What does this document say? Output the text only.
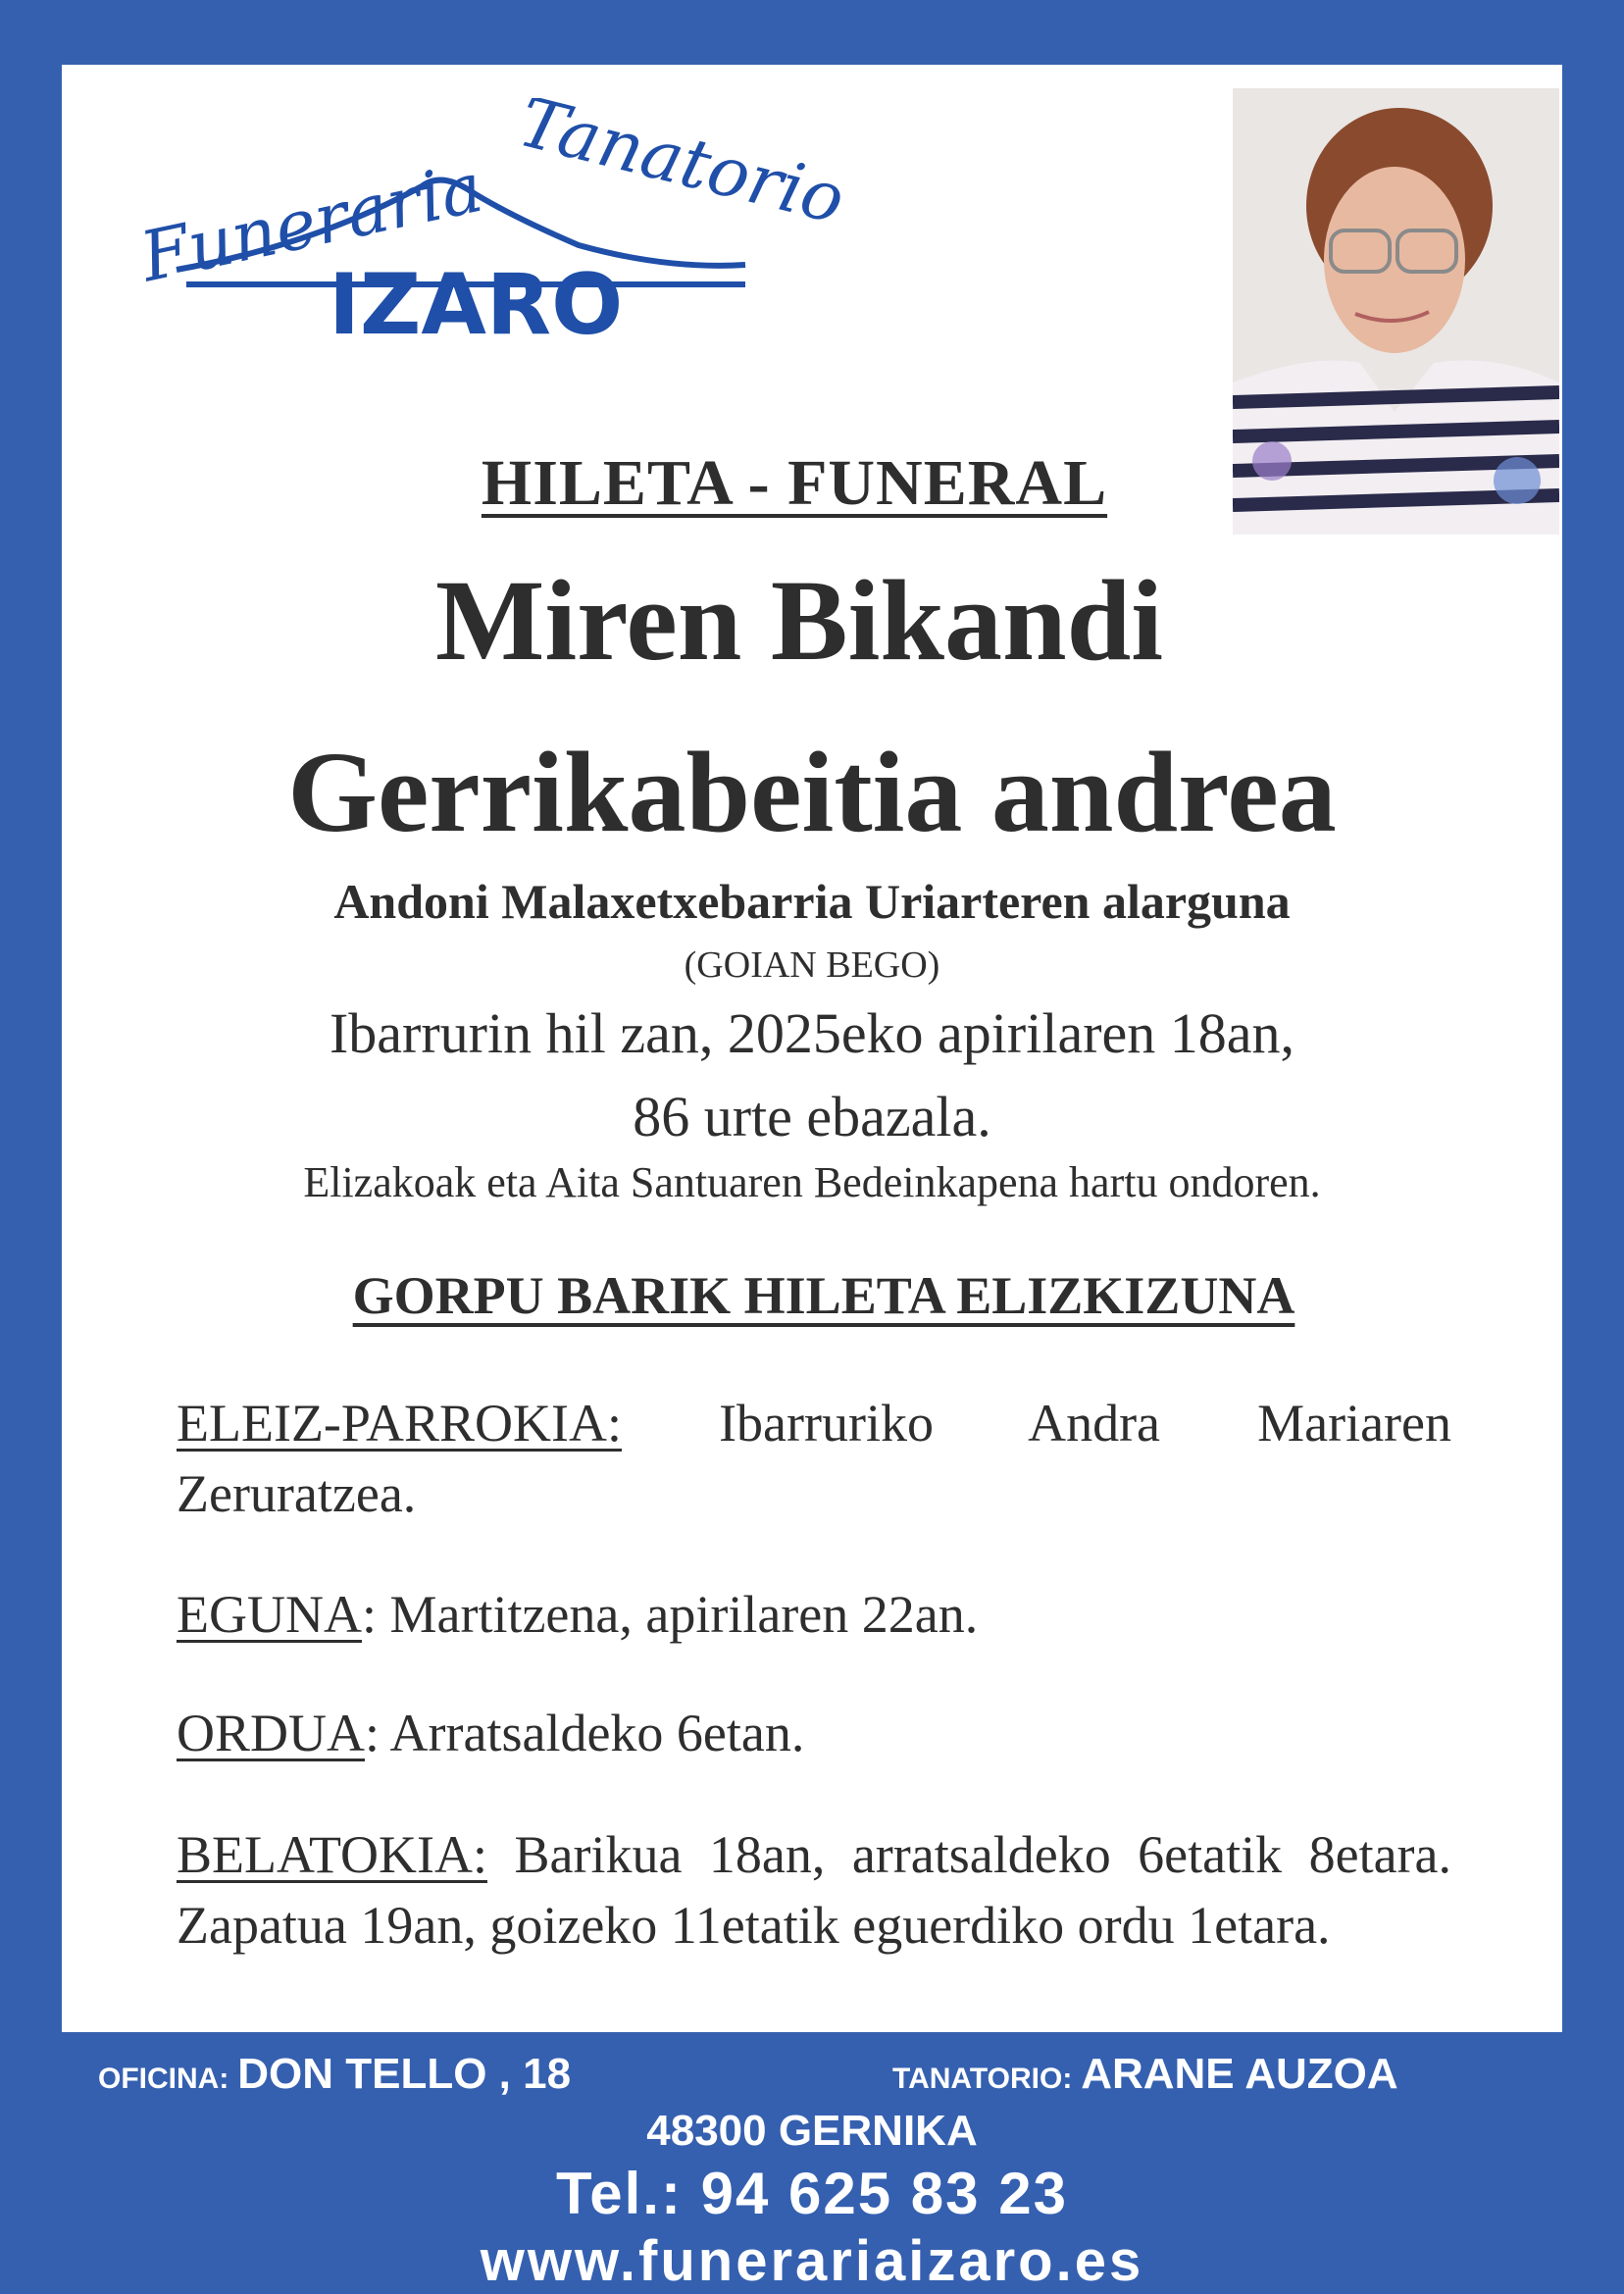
Funeraria Tanatorio
IZARO
HILETA - FUNERAL
Miren Bikandi
Gerrikabeitia andrea
Andoni Malaxetxebarria Uriarteren alarguna
(GOIAN BEGO)
Ibarrurin hil zan, 2025eko apirilaren 18an,
86 urte ebazala.
Elizakoak eta Aita Santuaren Bedeinkapena hartu ondoren.
GORPU BARIK HILETA ELIZKIZUNA
ELEIZ-PARROKIA: Ibarruriko Andra Mariaren Zeruratzea.
EGUNA: Martitzena, apirilaren 22an.
ORDUA: Arratsaldeko 6etan.
BELATOKIA: Barikua 18an, arratsaldeko 6etatik 8etara. Zapatua 19an, goizeko 11etatik eguerdiko ordu 1etara.
OFICINA: DON TELLO , 18	TANATORIO: ARANE AUZOA
48300 GERNIKA
Tel.: 94 625 83 23
www.funerariaizaro.es
